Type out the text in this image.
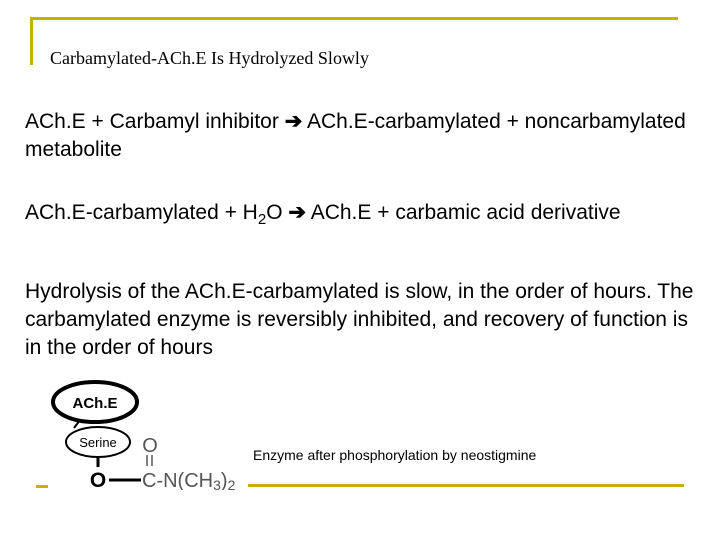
Carbamylated-ACh.E Is Hydrolyzed Slowly
ACh.E + Carbamyl inhibitor ➔ ACh.E-carbamylated + noncarbamylated metabolite
ACh.E-carbamylated + $H_2O$ ➔ ACh.E + carbamic acid derivative
Hydrolysis of the ACh.E-carbamylated is slow, in the order of hours. The carbamylated enzyme is reversibly inhibited, and recovery of function is in the order of hours
ACh.E
Serine
O
O
C-N(CH3)2
Enzyme after phosphorylation by neostigmine
